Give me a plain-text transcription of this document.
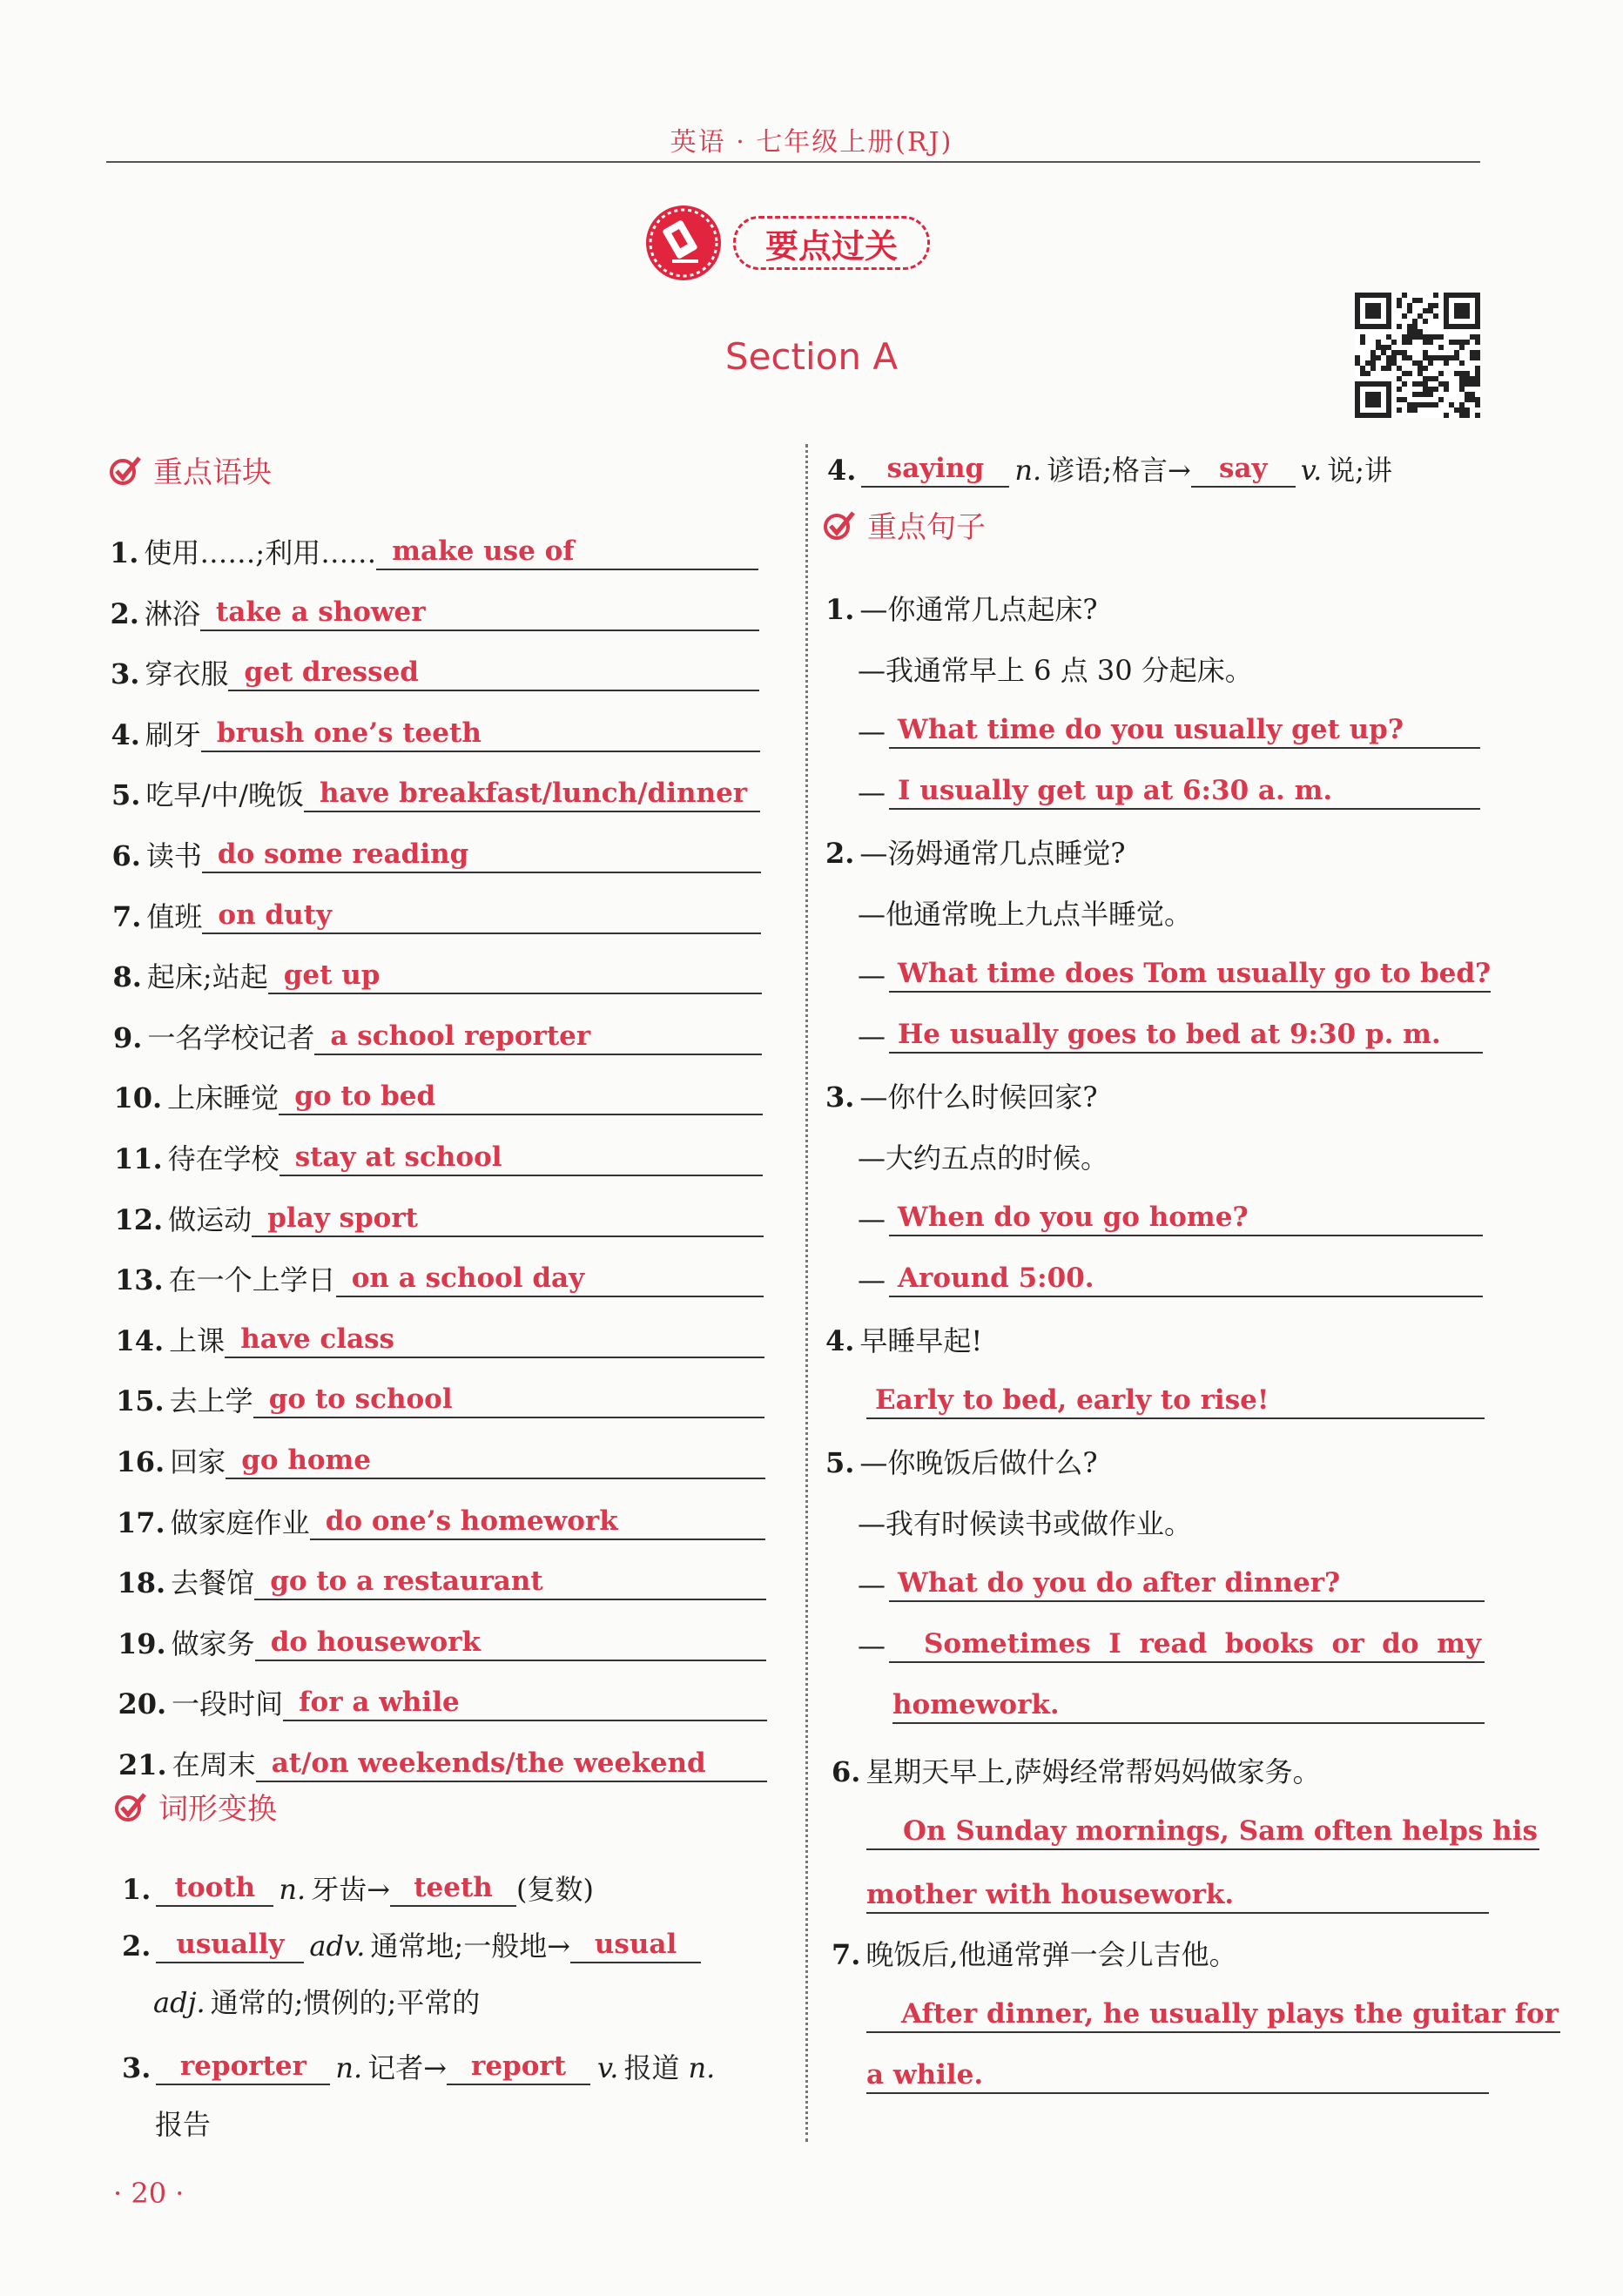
英语 · 七年级上册(RJ)
要点过关
Section A
重点语块
1. 使用……;利用…… make use of
2. 淋浴 take a shower
3. 穿衣服 get dressed
4. 刷牙 brush one’s teeth
5. 吃早/中/晚饭 have breakfast/lunch/dinner
6. 读书 do some reading
7. 值班 on duty
8. 起床;站起 get up
9. 一名学校记者 a school reporter
10. 上床睡觉 go to bed
11. 待在学校 stay at school
12. 做运动 play sport
13. 在一个上学日 on a school day
14. 上课 have class
15. 去上学 go to school
16. 回家 go home
17. 做家庭作业 do one’s homework
18. 去餐馆 go to a restaurant
19. 做家务 do housework
20. 一段时间 for a while
21. 在周末 at/on weekends/the weekend
词形变换
1. tooth n. 牙齿→ teeth (复数)
2. usually adv. 通常地;一般地→ usual
adj. 通常的;惯例的;平常的
3.	reporter	n. 记者→ report	v. 报道 n.
报告
· 20 ·
4.	saying	n. 谚语;格言→	say	v. 说;讲
重点句子
1. —你通常几点起床?
—我通常早上 6 点 30 分起床。
— What time do you usually get up?
— I usually get up at 6:30 a. m.
2. —汤姆通常几点睡觉?
—他通常晚上九点半睡觉。
— What time does Tom usually go to bed?
— He usually goes to bed at 9:30 p. m.
3. —你什么时候回家?
—大约五点的时候。
— When do you go home?
— Around 5:00.
4. 早睡早起!
Early to bed, early to rise!
5. —你晚饭后做什么?
—我有时候读书或做作业。
— What do you do after dinner?
—	Sometimes I read books or do my
homework.
6. 星期天早上,萨姆经常帮妈妈做家务。
On Sunday mornings, Sam often helps his
mother with housework.
7. 晚饭后,他通常弹一会儿吉他。
After dinner, he usually plays the guitar for
a while.
